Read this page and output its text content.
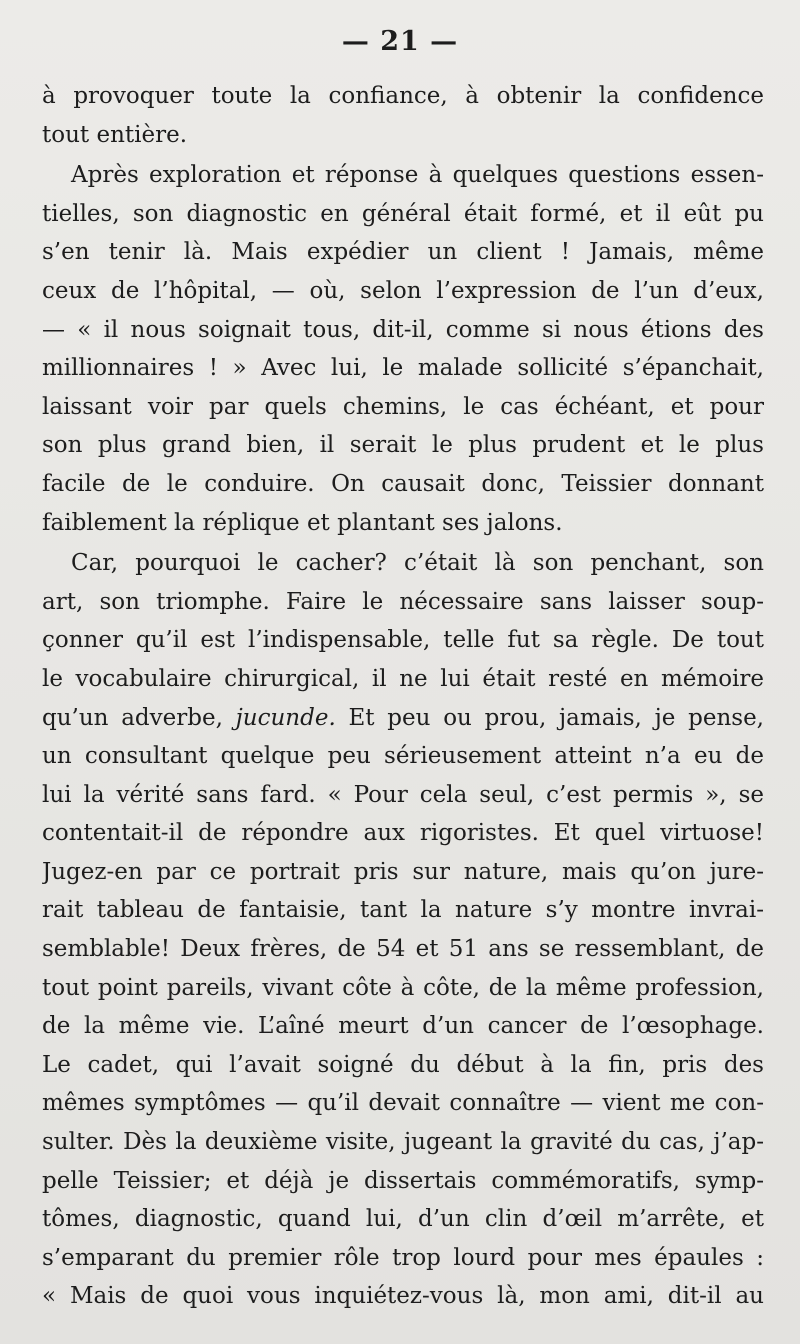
— 21 —
à provoquer toute la confiance, à obtenir la confidence
tout entière.
Après exploration et réponse à quelques questions essen-
tielles, son diagnostic en général était formé, et il eût pu
s’en tenir là. Mais expédier un client ! Jamais, même
ceux de l’hôpital, — où, selon l’expression de l’un d’eux,
— « il nous soignait tous, dit-il, comme si nous étions des
millionnaires ! » Avec lui, le malade sollicité s’épanchait,
laissant voir par quels chemins, le cas échéant, et pour
son plus grand bien, il serait le plus prudent et le plus
facile de le conduire. On causait donc, Teissier donnant
faiblement la réplique et plantant ses jalons.
Car, pourquoi le cacher? c’était là son penchant, son
art, son triomphe. Faire le nécessaire sans laisser soup-
çonner qu’il est l’indispensable, telle fut sa règle. De tout
le vocabulaire chirurgical, il ne lui était resté en mémoire
qu’un adverbe, jucunde. Et peu ou prou, jamais, je pense,
un consultant quelque peu sérieusement atteint n’a eu de
lui la vérité sans fard. « Pour cela seul, c’est permis », se
contentait-il de répondre aux rigoristes. Et quel virtuose!
Jugez-en par ce portrait pris sur nature, mais qu’on jure-
rait tableau de fantaisie, tant la nature s’y montre invrai-
semblable! Deux frères, de 54 et 51 ans se ressemblant, de
tout point pareils, vivant côte à côte, de la même profession,
de la même vie. L’aîné meurt d’un cancer de l’œsophage.
Le cadet, qui l’avait soigné du début à la fin, pris des
mêmes symptômes — qu’il devait connaître — vient me con-
sulter. Dès la deuxième visite, jugeant la gravité du cas, j’ap-
pelle Teissier; et déjà je dissertais commémoratifs, symp-
tômes, diagnostic, quand lui, d’un clin d’œil m’arrête, et
s’emparant du premier rôle trop lourd pour mes épaules :
« Mais de quoi vous inquiétez-vous là, mon ami, dit-il au
